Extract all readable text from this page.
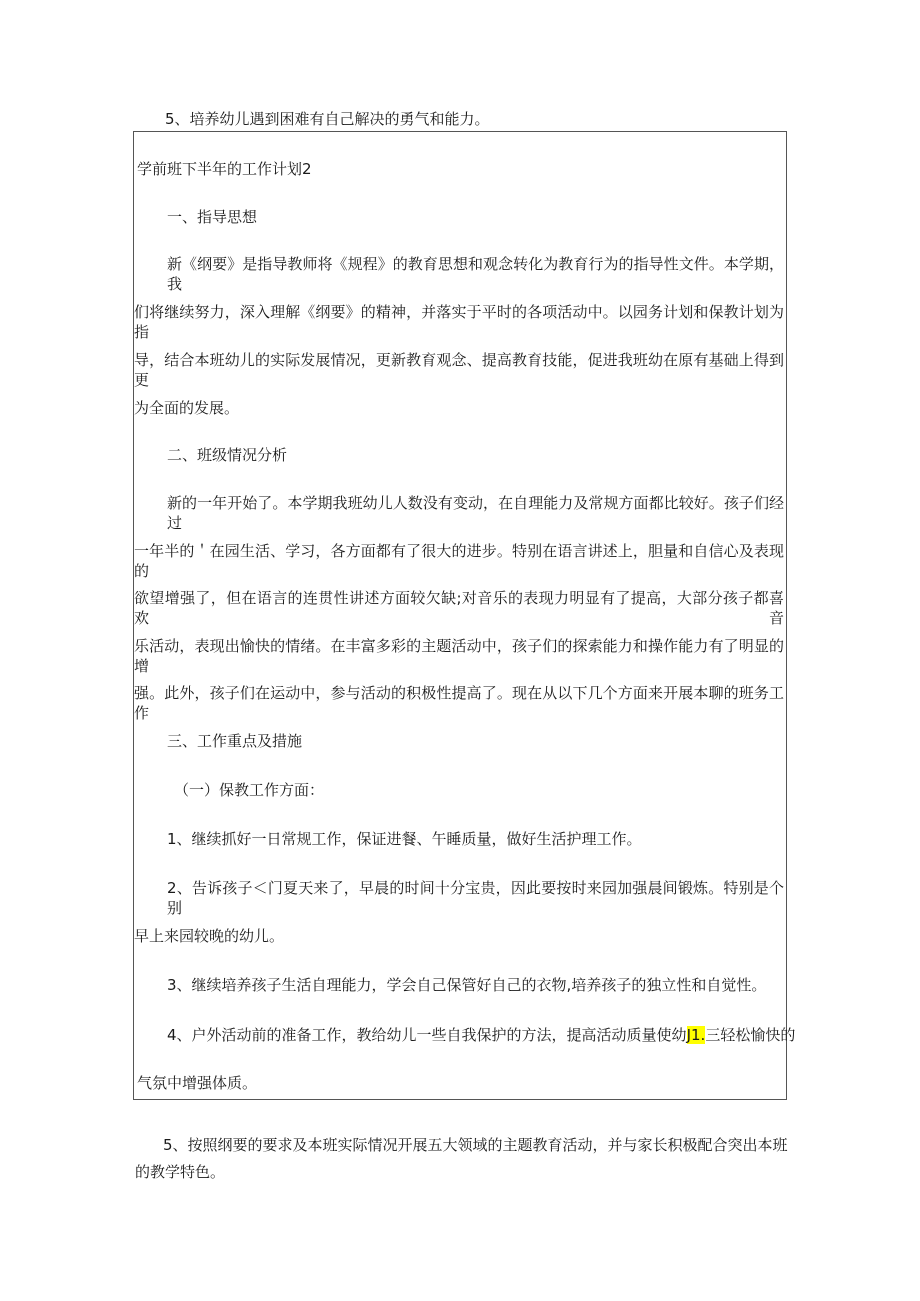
5、培养幼儿遇到困难有自己解决的勇气和能力。
学前班下半年的工作计划2
一、指导思想
新《纲要》是指导教师将《规程》的教育思想和观念转化为教育行为的指导性文件。本学期，我
们将继续努力，深入理解《纲要》的精神，并落实于平时的各项活动中。以园务计划和保教计划为指
导，结合本班幼儿的实际发展情况，更新教育观念、提高教育技能，促进我班幼在原有基础上得到更
为全面的发展。
二、班级情况分析
新的一年开始了。本学期我班幼儿人数没有变动，在自理能力及常规方面都比较好。孩子们经过
一年半的＇在园生活、学习，各方面都有了很大的进步。特别在语言讲述上，胆量和自信心及表现的
欲望增强了，但在语言的连贯性讲述方面较欠缺;对音乐的表现力明显有了提高，大部分孩子都喜欢音
乐活动，表现出愉快的情绪。在丰富多彩的主题活动中，孩子们的探索能力和操作能力有了明显的增
强。此外，孩子们在运动中，参与活动的积极性提高了。现在从以下几个方面来开展本聊的班务工作
三、工作重点及措施
（一）保教工作方面：
1、继续抓好一日常规工作，保证进餐、午睡质量，做好生活护理工作。
2、告诉孩子＜门夏天来了，早晨的时间十分宝贵，因此要按时来园加强晨间锻炼。特别是个别
早上来园较晚的幼儿。
3、继续培养孩子生活自理能力，学会自己保管好自己的衣物,培养孩子的独立性和自觉性。
4、户外活动前的准备工作，教给幼儿一些自我保护的方法，提高活动质量使幼J1.三轻松愉快的
气氛中增强体质。
5、按照纲要的要求及本班实际情况开展五大领域的主题教育活动，并与家长积极配合突出本班
的教学特色。
